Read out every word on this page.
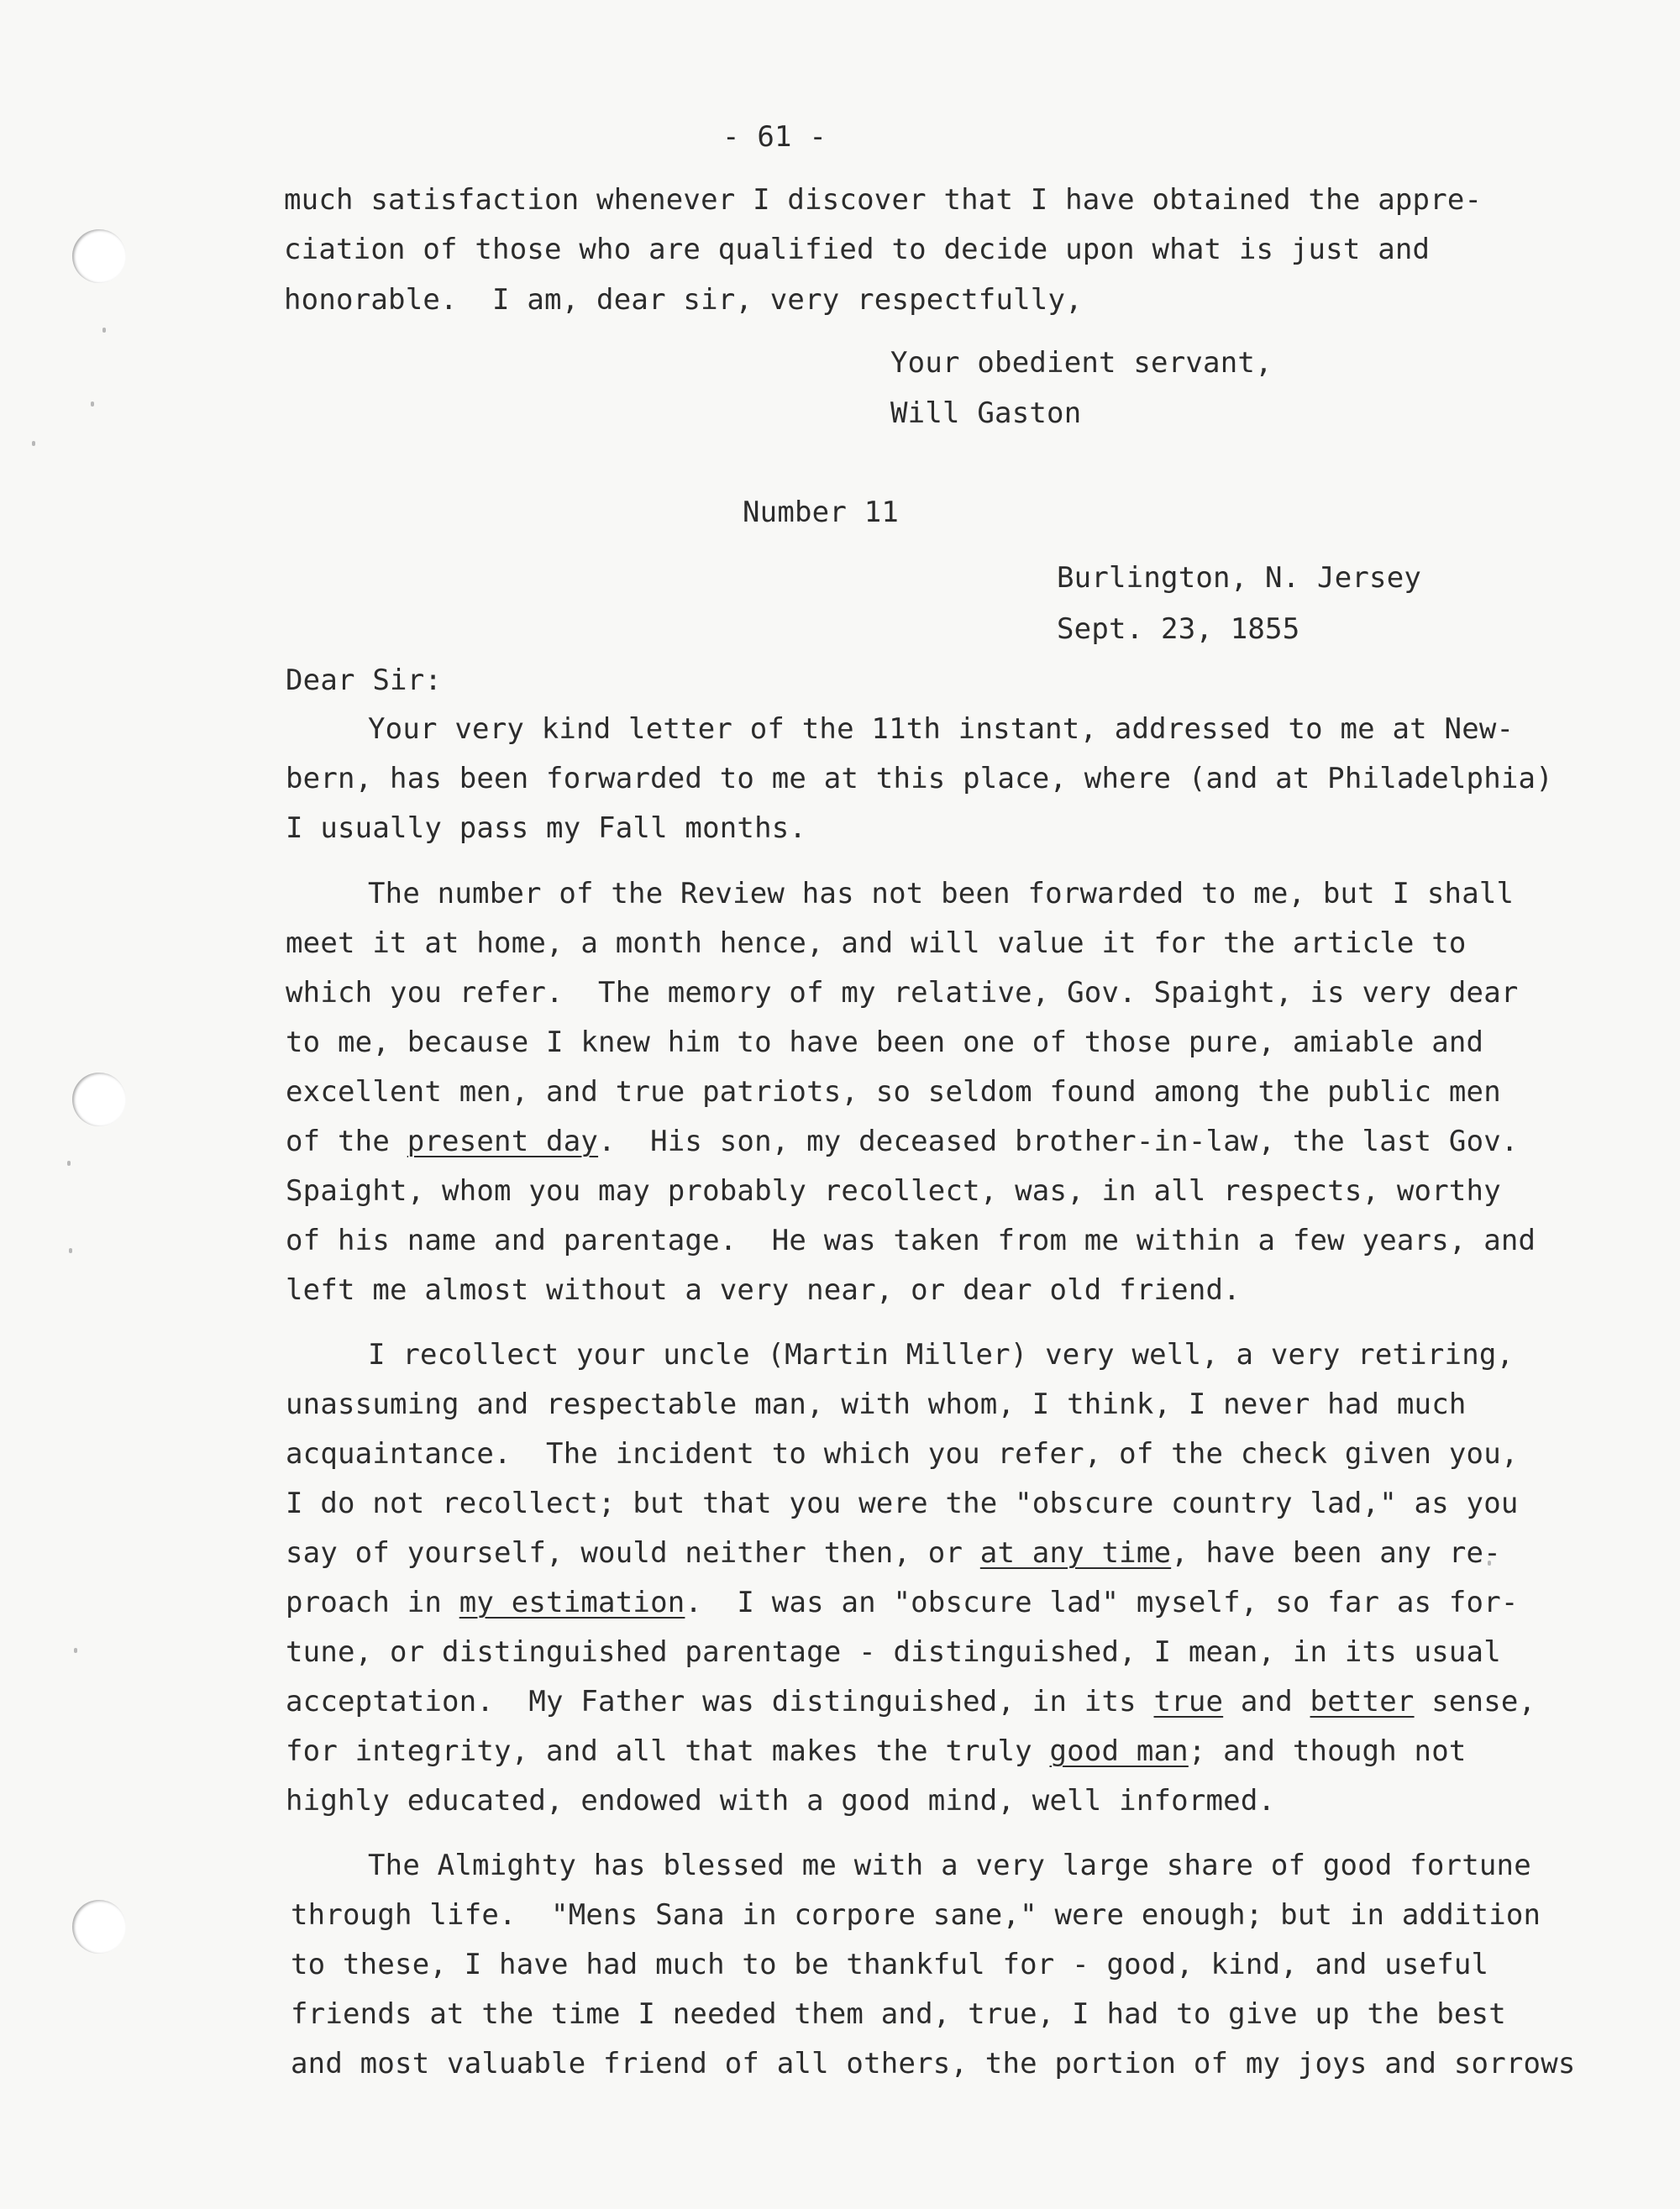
- 61 -

much satisfaction whenever I discover that I have obtained the appre-

ciation of those who are qualified to decide upon what is just and

honorable.  I am, dear sir, very respectfully,

Your obedient servant,

Will Gaston

Number 11

Burlington, N. Jersey

Sept. 23, 1855

Dear Sir:

Your very kind letter of the 11th instant, addressed to me at New-

bern, has been forwarded to me at this place, where (and at Philadelphia)

I usually pass my Fall months.

The number of the Review has not been forwarded to me, but I shall

meet it at home, a month hence, and will value it for the article to

which you refer.  The memory of my relative, Gov. Spaight, is very dear

to me, because I knew him to have been one of those pure, amiable and

excellent men, and true patriots, so seldom found among the public men

of the present day.  His son, my deceased brother-in-law, the last Gov.

Spaight, whom you may probably recollect, was, in all respects, worthy

of his name and parentage.  He was taken from me within a few years, and

left me almost without a very near, or dear old friend.

I recollect your uncle (Martin Miller) very well, a very retiring,

unassuming and respectable man, with whom, I think, I never had much

acquaintance.  The incident to which you refer, of the check given you,

I do not recollect; but that you were the "obscure country lad," as you

say of yourself, would neither then, or at any time, have been any re-

proach in my estimation.  I was an "obscure lad" myself, so far as for-

tune, or distinguished parentage - distinguished, I mean, in its usual

acceptation.  My Father was distinguished, in its true and better sense,

for integrity, and all that makes the truly good man; and though not

highly educated, endowed with a good mind, well informed.

The Almighty has blessed me with a very large share of good fortune

through life.  "Mens Sana in corpore sane," were enough; but in addition

to these, I have had much to be thankful for - good, kind, and useful

friends at the time I needed them and, true, I had to give up the best

and most valuable friend of all others, the portion of my joys and sorrows
